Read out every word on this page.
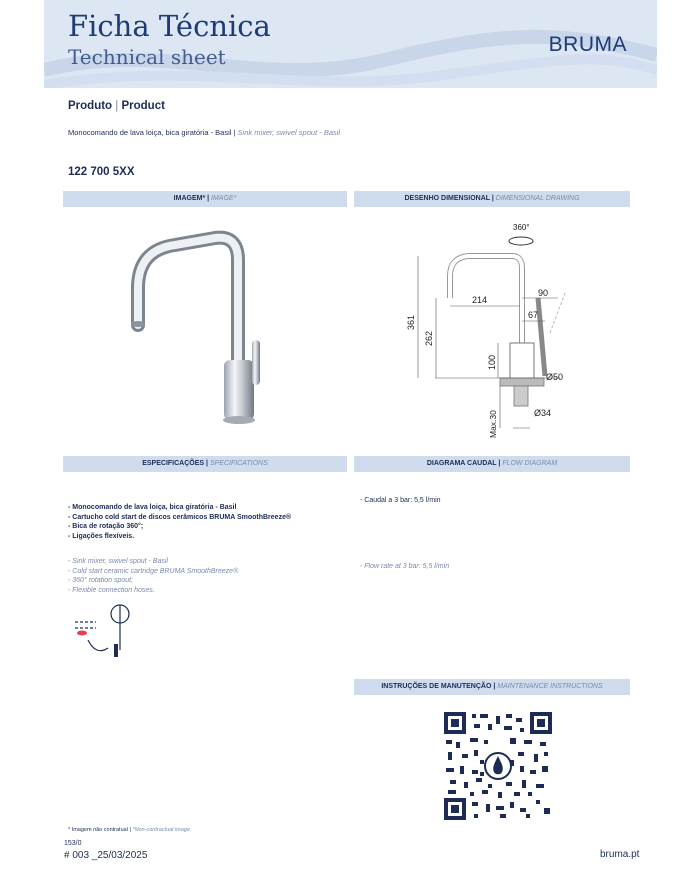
Ficha Técnica
Technical sheet
BRUMA
Produto | Product
Monocomando de lava loiça, bica giratória - Basil | Sink mixer, swivel spout - Basil
122 700 5XX
IMAGEM* | IMAGE*	DESENHO DIMENSIONAL | DIMENSIONAL DRAWING
360°
214
90
67
361
262
100
Ø50
Max.30	Ø34
ESPECIFICAÇÕES | SPECIFICATIONS	DIAGRAMA CAUDAL | FLOW DIAGRAM
- Monocomando de lava loiça, bica giratória - Basil
- Cartucho cold start de discos cerâmicos BRUMA SmoothBreeze®
- Bica de rotação 360°;
- Ligações flexíveis.
- Sink mixer, swivel spout - Basil
- Cold start ceramic cartridge BRUMA SmoothBreeze®
- 360° rotation spout;
- Flexible connection hoses.
- Caudal a 3 bar: 5,5 l/min
- Flow rate at 3 bar: 5,5 l/min
INSTRUÇÕES DE MANUTENÇÃO | MAINTENANCE INSTRUCTIONS
* Imagem não contratual | *Non-contractual image
153/0
# 003 _25/03/2025	bruma.pt
